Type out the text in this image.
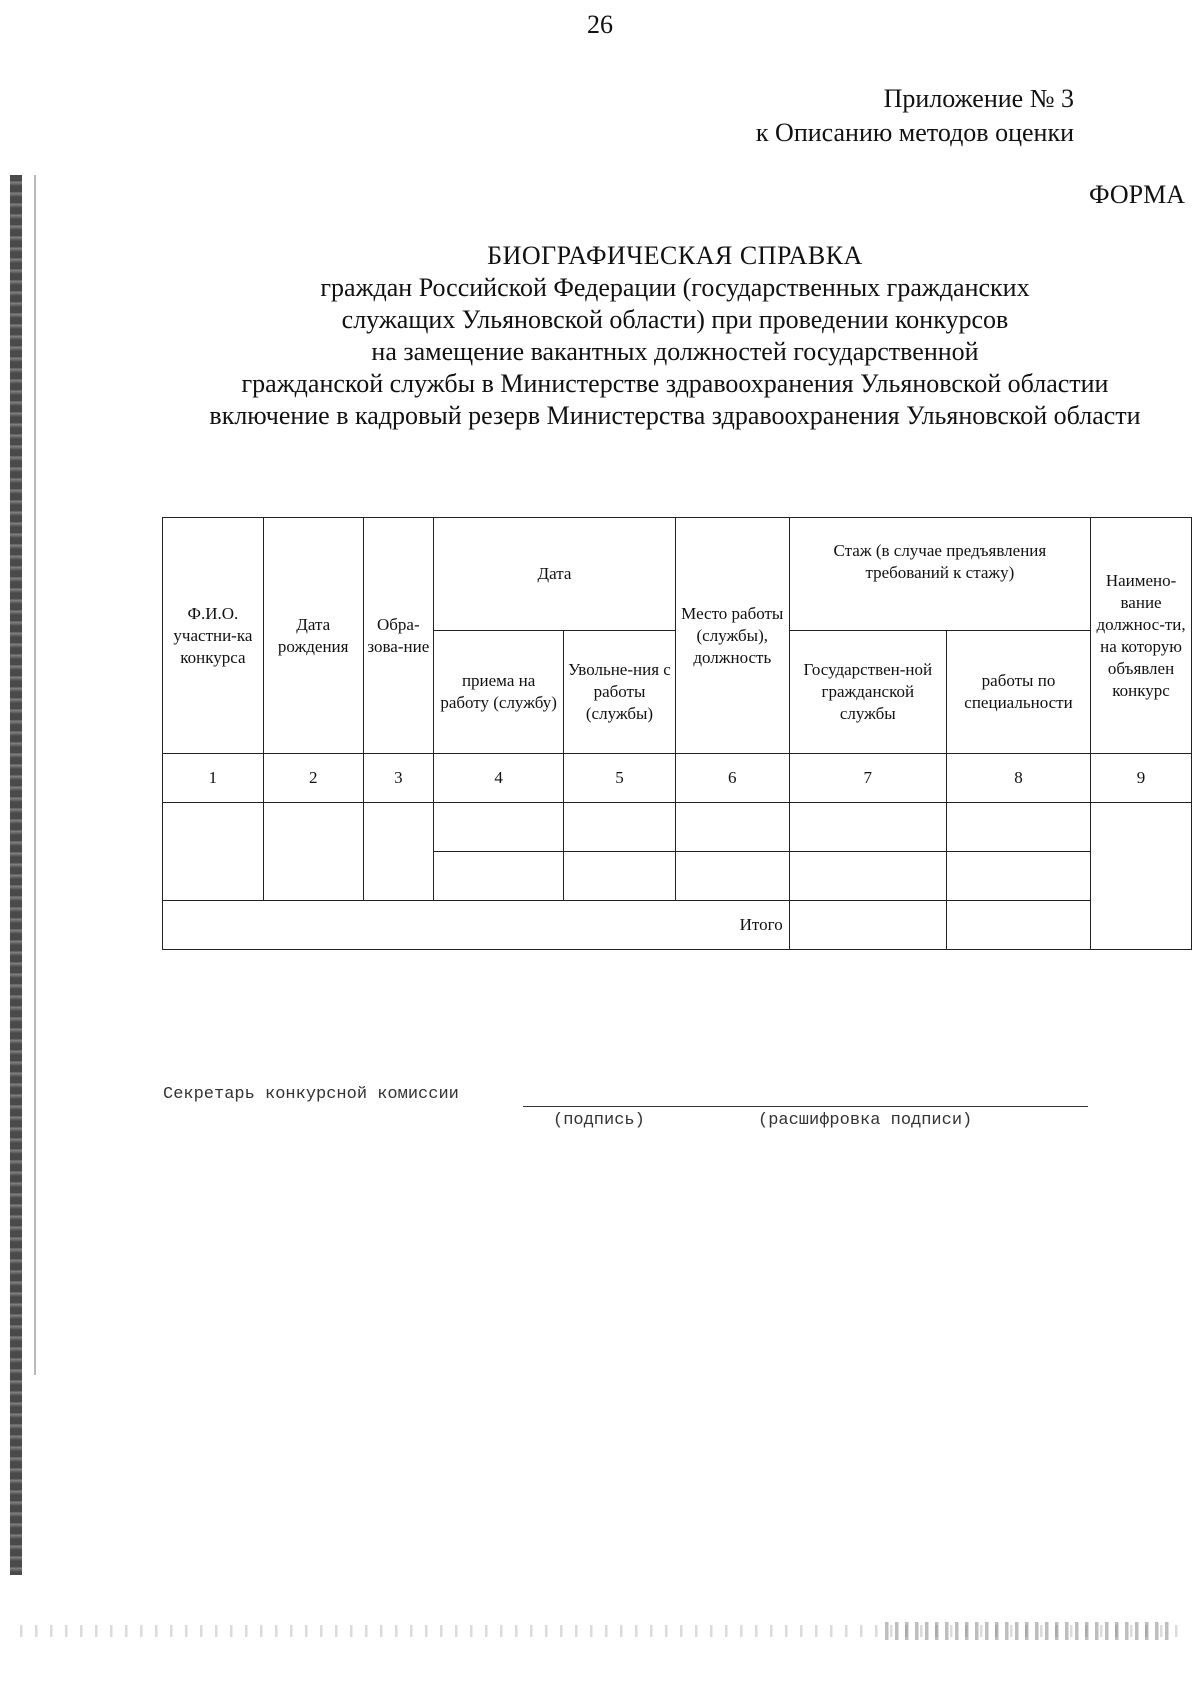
26
Приложение № 3
к Описанию методов оценки
ФОРМА
БИОГРАФИЧЕСКАЯ СПРАВКА
граждан Российской Федерации (государственных гражданских
служащих Ульяновской области) при проведении конкурсов
на замещение вакантных должностей государственной
гражданской службы в Министерстве здравоохранения Ульяновской областии
включение в кадровый резерв Министерства здравоохранения Ульяновской области
Ф.И.О. участни-ка конкурса	Дата рождения	Обра-зова-ние	Дата		Место работы (службы), должность	Стаж (в случае предъявления требований к стажу)		Наимено-вание должнос-ти, на которую объявлен конкурс
			приема на работу (службу)	Увольне-ния с работы (службы)		Государствен-ной гражданской службы	работы по специальности	
1	2	3	4	5	6	7	8	9

Итого								
Секретарь конкурсной комиссии
(подпись)	(расшифровка подписи)
